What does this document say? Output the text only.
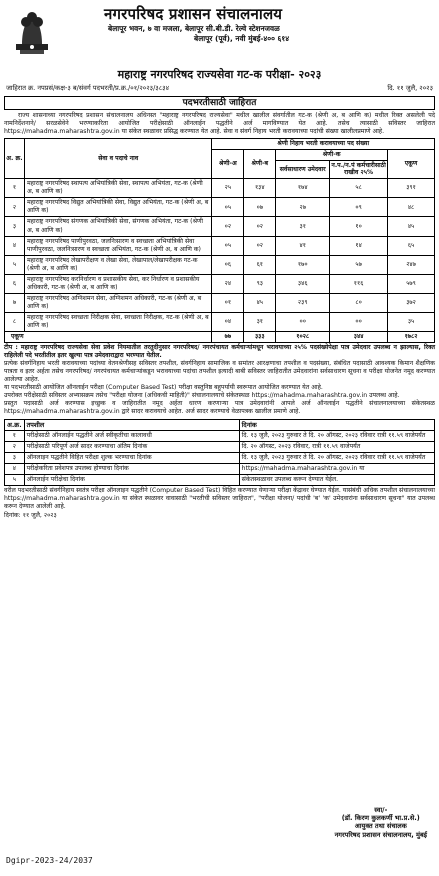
नगरपरिषद प्रशासन संचालनालय
बेलापूर भवन, ७ वा मजला, बेलापूर सी.बी.डी. रेल्वे स्टेशनजवळ
बेलापूर (पूर्व), नवी मुंबई-४०० ६१४
महाराष्ट्र नगरपरिषद राज्यसेवा गट-क परीक्षा- २०२३
जाहिरात क्र. नपप्रसं/कक्ष-३ ब/संवर्ग पदभरती/प्र.क्र./०१/२०२३/३८३४	दि. ११ जुलै, २०२३
पदभरतीसाठी जाहिरात

राज्य शासनाच्या नगरपरिषद प्रशासन संचालनालय अधिनस्त "महाराष्ट्र नगरपरिषद राज्यसेवा" मधील खालील संवर्गातील गट-क (श्रेणी अ, ब आणि क) मधील रिक्त असलेली पदे नामनिर्देशनाने/ सरळसेवेने भरण्याकरिता आयोजित परीक्षेसाठी ऑनलाईन पद्धतीने अर्ज मागविण्यात येत आहे. तसेच त्यासाठी सविस्तर जाहिरात https://mahadma.maharashtra.gov.in या संकेत स्थळावर प्रसिद्ध करण्यात येत आहे. सेवा व संवर्ग निहाय भरती करावयाच्या पदांची संख्या खालीलप्रमाणे आहे.

अ. क्र.	सेवा व पदाचे नाव	श्रेणी निहाय भरती करावयाच्या पद संख्या				
		श्रेणी-अ	श्रेणी-ब	श्रेणी-क		एकूण
				सर्वसाधारण उमेदवार	न.प./न.पं कर्मचारीसाठी राखीव २५%	
१	महाराष्ट्र नगरपरिषद स्थापत्य अभियांत्रिकी सेवा, स्थापत्य अभियंता, गट-क (श्रेणी अ, ब आणि क)	२५	१३४	१७४	५८	३९१
२	महाराष्ट्र नगरपरिषद विद्युत अभियांत्रिकी सेवा, विद्युत अभियंता, गट-क (श्रेणी अ, ब आणि क)	०५	०७	२७	०९	४८
३	महाराष्ट्र नगरपरिषद संगणक अभियांत्रिकी सेवा, संगणक अभियंता, गट-क (श्रेणी अ, ब आणि क)	०२	०२	३१	१०	४५
४	महाराष्ट्र नगरपरिषद पाणीपुरवठा, जलनिःसारण व स्वच्छता अभियांत्रिकी सेवा पाणीपुरवठा, जलनिःसारण व स्वच्छता अभियंता, गट-क (श्रेणी अ, ब आणि क)	०५	०२	४१	१४	६५
५	महाराष्ट्र नगरपरिषद लेखापरीक्षण व लेखा सेवा, लेखापाल/लेखापरीक्षक गट-क (श्रेणी अ, ब आणि क)	०६	६१	१७०	५७	२४७
६	महाराष्ट्र नगरपरिषद करनिर्धारण व प्रशासकीय सेवा, कर निर्धारण व प्रशासकीय अधिकारी, गट-क (श्रेणी अ, ब आणि क)	२४	९३	३४६	११६	५७९
७	महाराष्ट्र नगरपरिषद अग्निशमन सेवा, अग्निशमन अधिकारी, गट-क (श्रेणी अ, ब आणि क)	०१	४५	२३९	८०	३७२
८	महाराष्ट्र नगरपरिषद स्वच्छता निरीक्षक सेवा, स्वच्छता निरीक्षक, गट-क (श्रेणी अ, ब आणि क)	०४	३१	००	००	३५
एकूण		७७	३३३	१०२८	३४४	१७८२

टीप : महाराष्ट्र नगरपरिषद राज्यसेवा सेवा प्रवेश नियमातील तरतुदीनुसार नगरपरिषद/ नगरपंचायत कर्मचाऱ्यांमधून भरावयाच्या २५% पदसंख्येपेक्षा पात्र उमेदवार उपलब्ध न झाल्यास, रिक्त राहिलेली पदे भरतीतील इतर खुल्या पात्र उमेदवाराद्वारा भरण्यात येतील.

प्रत्येक संवर्गनिहाय भरती करावयाच्या पदांच्या वेतनश्रेणीसह सविस्तर तपशील, संवर्गनिहाय सामाजिक व समांतर आरक्षणाचा तपशील व पदसंख्या, संबंधित पदासाठी आवश्यक किमान शैक्षणिक पात्रता व इतर अर्हता तसेच नगरपरिषद/ नगरपंचायत कर्मचाऱ्यांकडून भरावयाच्या पदांचा तपशील इत्यादी बाबी सविस्तर जाहिरातीत उमेदवारांना सर्वसाधारण सूचना व परीक्षा योजनेत नमूद करण्यात आलेल्या आहेत.

या पदभरतीसाठी आयोजित ऑनलाईन परीक्षा (Computer Based Test) परीक्षा वस्तुनिष्ठ बहुपर्यायी स्वरूपात आयोजित करण्यात येत आहे.

उपरोक्त परीक्षेसाठी सविस्तर अभ्यासक्रम तसेच "परीक्षा योजना (अधिकची माहिती)" संचालनालयाचे संकेतस्थळ https://mahadma.maharashtra.gov.in उपलब्ध आहे.

प्रस्तुत पदासाठी अर्ज करण्यास इच्छुक व जाहिरातीत नमूद अर्हता धारण करणाऱ्या पात्र उमेदवारांनी आपले अर्ज ऑनलाईन पद्धतीने संचालनालयाच्या संकेतस्थळ https://mahadma.maharashtra.gov.in द्वारे सादर करावयाचे आहेत. अर्ज सादर करण्याचे वेळापत्रक खालील प्रमाणे आहे.

अ.क्र.	तपशील	दिनांक
१	परीक्षेसाठी ऑनलाईन पद्धतीने अर्ज स्वीकृतीचा कालावधी	दि. १३ जुलै, २०२३ गुरुवार ते दि. २० ऑगस्ट, २०२३ रविवार रात्री ११.५९ वाजेपर्यंत
२	परीक्षेसाठी परिपूर्ण अर्ज सादर करण्याचा अंतिम दिनांक	दि. २० ऑगस्ट, २०२३ रविवार, रात्री ११.५९ वाजेपर्यंत
३	ऑनलाइन पद्धतीने विहित परीक्षा शुल्क भरण्याचा दिनांक	दि. १३ जुलै, २०२३ गुरुवार ते दि. २० ऑगस्ट, २०२३ रविवार रात्री ११.५९ वाजेपर्यंत
४	परीक्षेकरिता प्रवेशपत्र उपलब्ध होण्याचा दिनांक	https://mahadma.maharashtra.gov.in या
५	ऑनलाईन परीक्षेचा दिनांक	संकेतस्थळावर उपलब्ध करून देण्यात येईल.

वरील पदभरतीसाठी संवर्गनिहाय स्वतंत्र परीक्षा ऑनलाइन पद्धतीने (Computer Based Test) विहित करण्यात येणाऱ्या परीक्षा केंद्रावर घेण्यात येईल. यासंबंधी अधिक तपशील संचालनालयाच्या https://mahadma.maharashtra.gov.in या संकेत स्थळावर वावासाठी "भरतीची सविस्तर जाहिरात", "परीक्षा योजना/ पदांची 'ब' 'क' उमेदवारांना सर्वसाधारण सूचना" यात उपलब्ध करून देण्यात आलेली आहे.

दिनांक: ११ जुलै, २०२३

स्वा/-
(डॉ. किरण कुलकर्णी भा.प्र.से.)
आयुक्त तथा संचालक
नगरपरिषद प्रशासन संचालनालय, मुंबई
Dgipr-2023-24/2037
